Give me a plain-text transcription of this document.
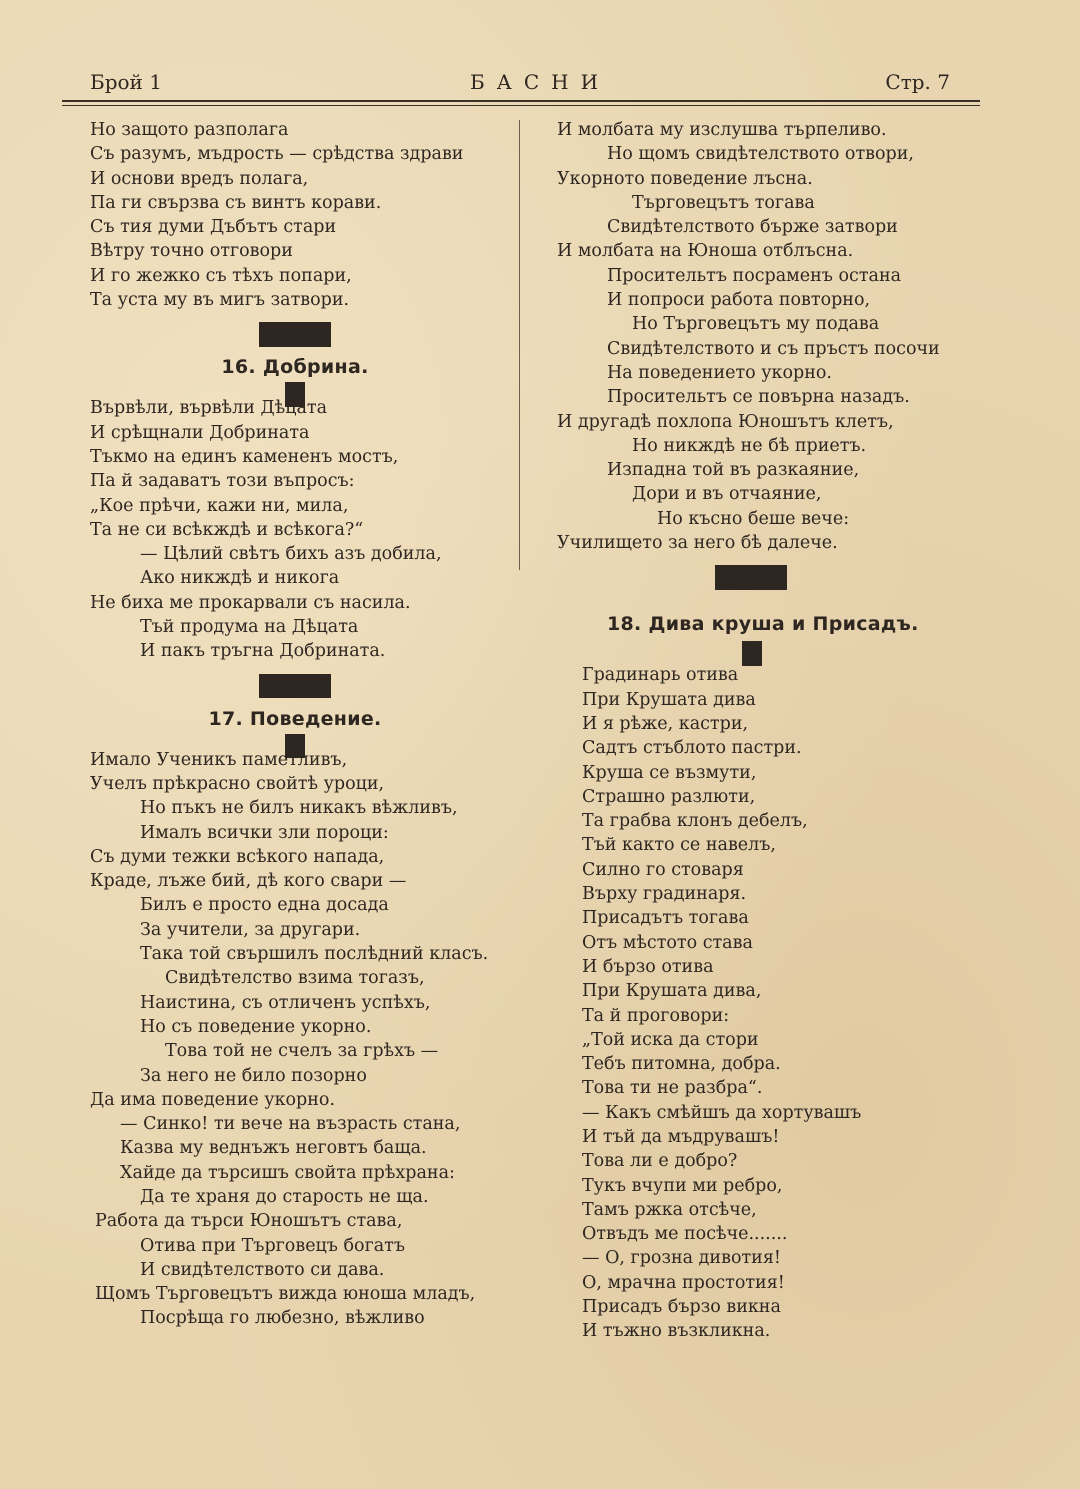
Брой 1	БАСНИ	Стр. 7
Но защото разполага
Съ разумъ, мъдрость — срѣдства здрави
И основи вредъ полага,
Па ги свързва съ винтъ корави.
Съ тия думи Дъбътъ стари
Вѣтру точно отговори
И го жежко съ тѣхъ попари,
Та уста му въ мигъ затвори.
16. Добрина.
Вървѣли, вървѣли Дѣцата
И срѣщнали Добрината
Тъкмо на единъ камененъ мостъ,
Па й задаватъ този въпросъ:
„Кое прѣчи, кажи ни, мила,
Та не си всѣкждѣ и всѣкога?“
— Цѣлий свѣтъ бихъ азъ добила,
Ако никждѣ и никога
Не биха ме прокарвали съ насила.
Тъй продума на Дѣцата
И пакъ тръгна Добрината.
17. Поведение.
Имало Ученикъ паметливъ,
Учелъ прѣкрасно свойтѣ уроци,
Но пъкъ не билъ никакъ вѣжливъ,
Ималъ всички зли пороци:
Съ думи тежки всѣкого напада,
Краде, лъже бий, дѣ кого свари —
Билъ е просто една досада
За учители, за другари.
Така той свършилъ послѣдний класъ.
Свидѣтелство взима тогазъ,
Наистина, съ отличенъ успѣхъ,
Но съ поведение укорно.
Това той не счелъ за грѣхъ —
За него не било позорно
Да има поведение укорно.
— Синко! ти вече на възрасть стана,
Казва му веднъжъ неговтъ баща.
Хайде да търсишъ свойта прѣхрана:
Да те храня до старость не ща.
Работа да търси Юношътъ става,
Отива при Търговецъ богатъ
И свидѣтелството си дава.
Щомъ Търговецътъ вижда юноша младъ,
Посрѣща го любезно, вѣжливо
И молбата му изслушва търпеливо.
Но щомъ свидѣтелството отвори,
Укорното поведение лъсна.
Търговецътъ тогава
Свидѣтелството бърже затвори
И молбата на Юноша отблъсна.
Просительтъ посраменъ остана
И попроси работа повторно,
Но Търговецътъ му подава
Свидѣтелството и съ пръстъ посочи
На поведението укорно.
Просительтъ се повърна назадъ.
И другадѣ похлопа Юношътъ клетъ,
Но никждѣ не бѣ приетъ.
Изпадна той въ разкаяние,
Дори и въ отчаяние,
Но късно беше вече:
Училището за него бѣ далече.
18. Дива круша и Присадъ.
Градинарь отива
При Крушата дива
И я рѣже, кастри,
Садтъ стъблото пастри.
Круша се възмути,
Страшно разлюти,
Та грабва клонъ дебелъ,
Тъй както се навелъ,
Силно го стоваря
Върху градинаря.
Присадътъ тогава
Отъ мѣстото става
И бързо отива
При Крушата дива,
Та й проговори:
„Той иска да стори
Тебъ питомна, добра.
Това ти не разбра“.
— Какъ смѣйшъ да хортувашъ
И тъй да мъдрувашъ!
Това ли е добро?
Тукъ вчупи ми ребро,
Тамъ ржка отсѣче,
Отвъдъ ме посѣче.......
— О, грозна дивотия!
О, мрачна простотия!
Присадъ бързо викна
И тъжно възкликна.
